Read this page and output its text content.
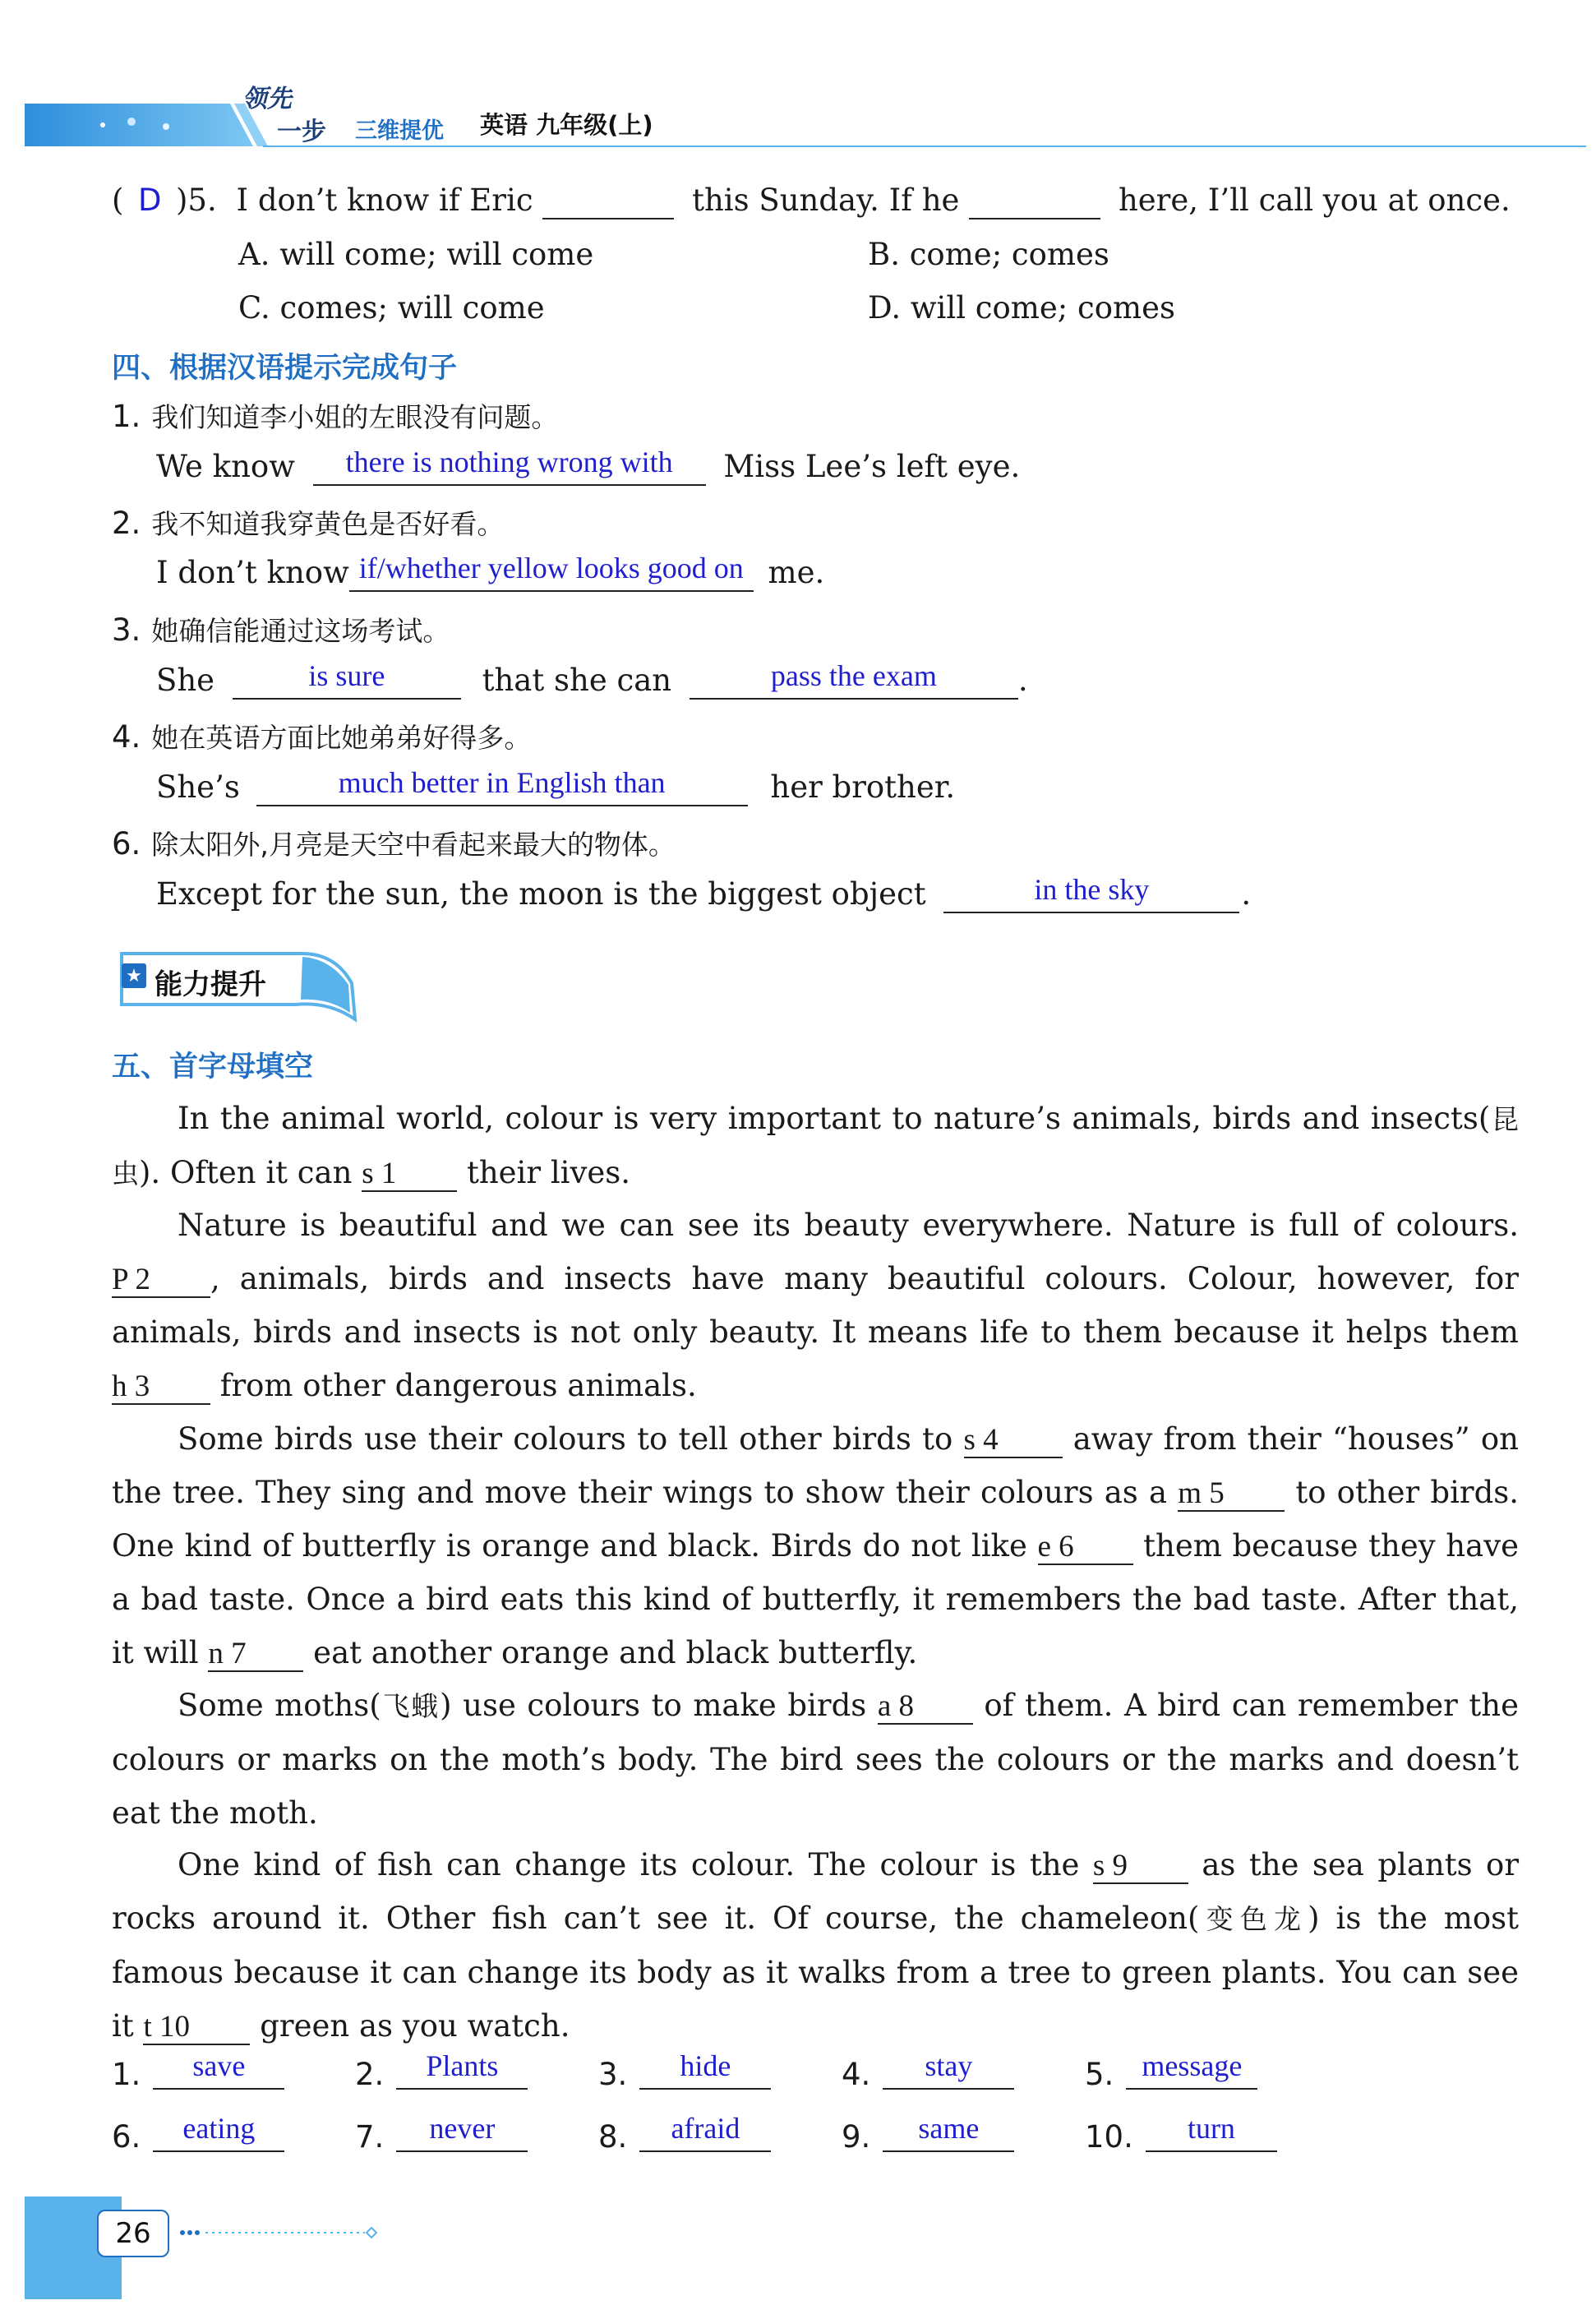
领先
一步	三维提优 英语 九年级(上)
( D )5. I don’t know if Eric	this Sunday. If he	here, I’ll call you at once.
A. will come; will come	B. come; comes
C. comes; will come	D. will come; comes
四、根据汉语提示完成句子
1. 我们知道李小姐的左眼没有问题。
We know	there is nothing wrong with	Miss Lee’s left eye.
2. 我不知道我穿黄色是否好看。
I don’t know if/whether yellow looks good on me.
3. 她确信能通过这场考试。
She	is sure	that she can	pass the exam	.
4. 她在英语方面比她弟弟好得多。
She’s	much better in English than	her brother.
6. 除太阳外,月亮是天空中看起来最大的物体。
Except for the sun, the moon is the biggest object	in the sky	.
★ 能力提升
五、首字母填空
In the animal world, colour is very important to nature’s animals, birds and insects(昆虫). Often it can s 1 their lives.
Nature is beautiful and we can see its beauty everywhere. Nature is full of colours. P 2 , animals, birds and insects have many beautiful colours. Colour, however, for animals, birds and insects is not only beauty. It means life to them because it helps them h 3 from other dangerous animals.
Some birds use their colours to tell other birds to s 4 away from their “houses” on the tree. They sing and move their wings to show their colours as a m 5 to other birds. One kind of butterfly is orange and black. Birds do not like e 6 them because they have a bad taste. Once a bird eats this kind of butterfly, it remembers the bad taste. After that, it will n 7 eat another orange and black butterfly.
Some moths(飞蛾) use colours to make birds a 8 of them. A bird can remember the colours or marks on the moth’s body. The bird sees the colours or the marks and doesn’t eat the moth.
One kind of fish can change its colour. The colour is the s 9 as the sea plants or rocks around it. Other fish can’t see it. Of course, the chameleon(变色龙) is the most famous because it can change its body as it walks from a tree to green plants. You can see it t 10 green as you watch.
1.	save
	2.	Plants
	3.	hide
	4.	stay
	5. message

6.	eating
	7.	never
	8.	afraid
	9.	same
	10.	turn

26
